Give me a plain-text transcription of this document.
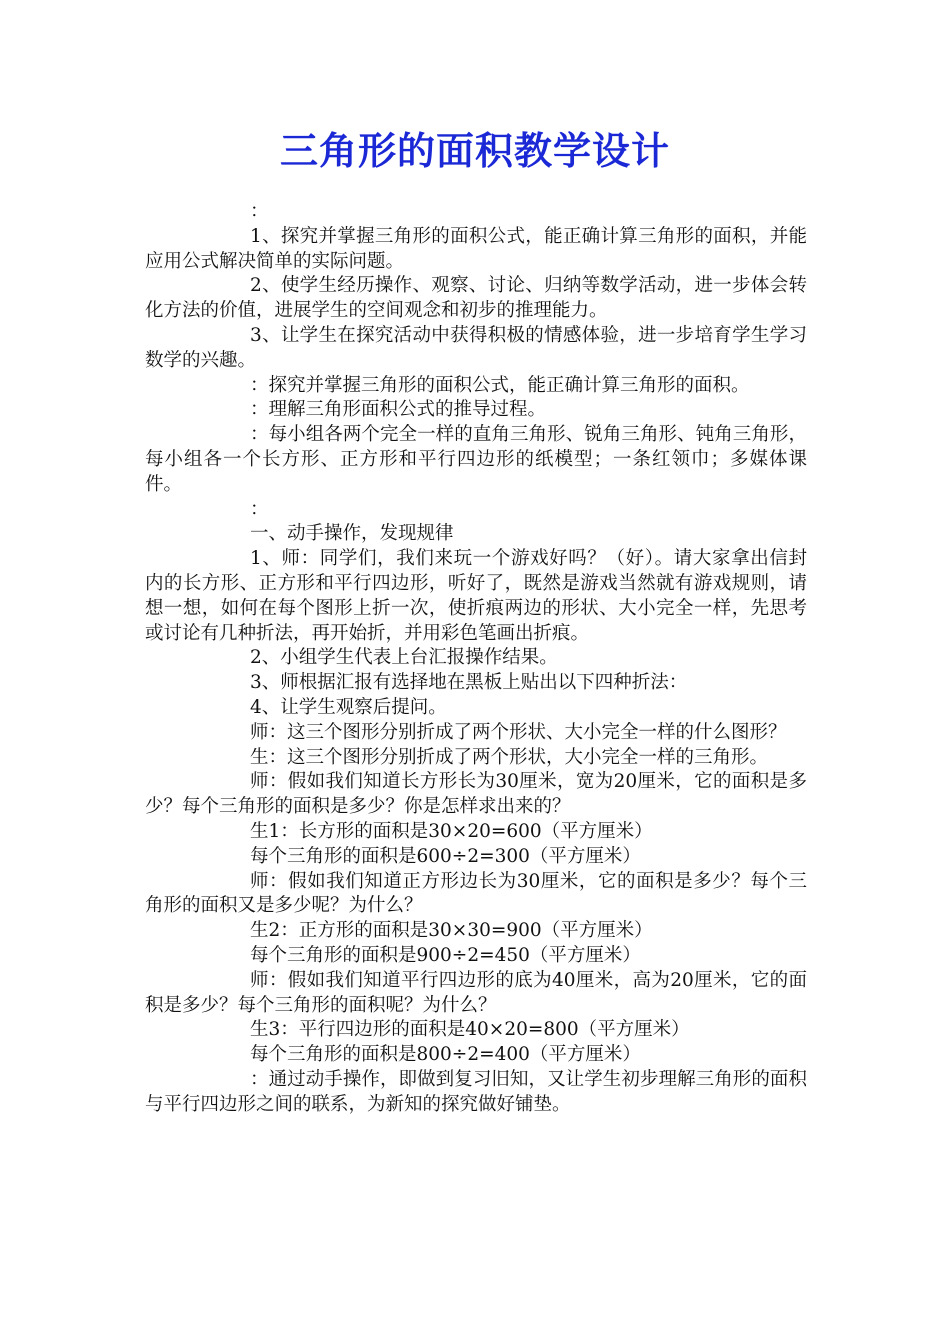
三角形的面积教学设计

：

1、探究并掌握三角形的面积公式，能正确计算三角形的面积，并能应用公式解决简单的实际问题。

2、使学生经历操作、观察、讨论、归纳等数学活动，进一步体会转化方法的价值，进展学生的空间观念和初步的推理能力。

3、让学生在探究活动中获得积极的情感体验，进一步培育学生学习数学的兴趣。

：探究并掌握三角形的面积公式，能正确计算三角形的面积。

：理解三角形面积公式的推导过程。

：每小组各两个完全一样的直角三角形、锐角三角形、钝角三角形，每小组各一个长方形、正方形和平行四边形的纸模型；一条红领巾；多媒体课件。

：

一、动手操作，发现规律

1、师：同学们，我们来玩一个游戏好吗？（好）。请大家拿出信封内的长方形、正方形和平行四边形，听好了，既然是游戏当然就有游戏规则，请想一想，如何在每个图形上折一次，使折痕两边的形状、大小完全一样，先思考或讨论有几种折法，再开始折，并用彩色笔画出折痕。

2、小组学生代表上台汇报操作结果。

3、师根据汇报有选择地在黑板上贴出以下四种折法：

4、让学生观察后提问。

师：这三个图形分别折成了两个形状、大小完全一样的什么图形？

生：这三个图形分别折成了两个形状，大小完全一样的三角形。

师：假如我们知道长方形长为30厘米，宽为20厘米，它的面积是多少？每个三角形的面积是多少？你是怎样求出来的？

生1：长方形的面积是30×20=600（平方厘米）

每个三角形的面积是600÷2=300（平方厘米）

师：假如我们知道正方形边长为30厘米，它的面积是多少？每个三角形的面积又是多少呢？为什么？

生2：正方形的面积是30×30=900（平方厘米）

每个三角形的面积是900÷2=450（平方厘米）

师：假如我们知道平行四边形的底为40厘米，高为20厘米，它的面积是多少？每个三角形的面积呢？为什么？

生3：平行四边形的面积是40×20=800（平方厘米）

每个三角形的面积是800÷2=400（平方厘米）

：通过动手操作，即做到复习旧知，又让学生初步理解三角形的面积与平行四边形之间的联系，为新知的探究做好铺垫。
